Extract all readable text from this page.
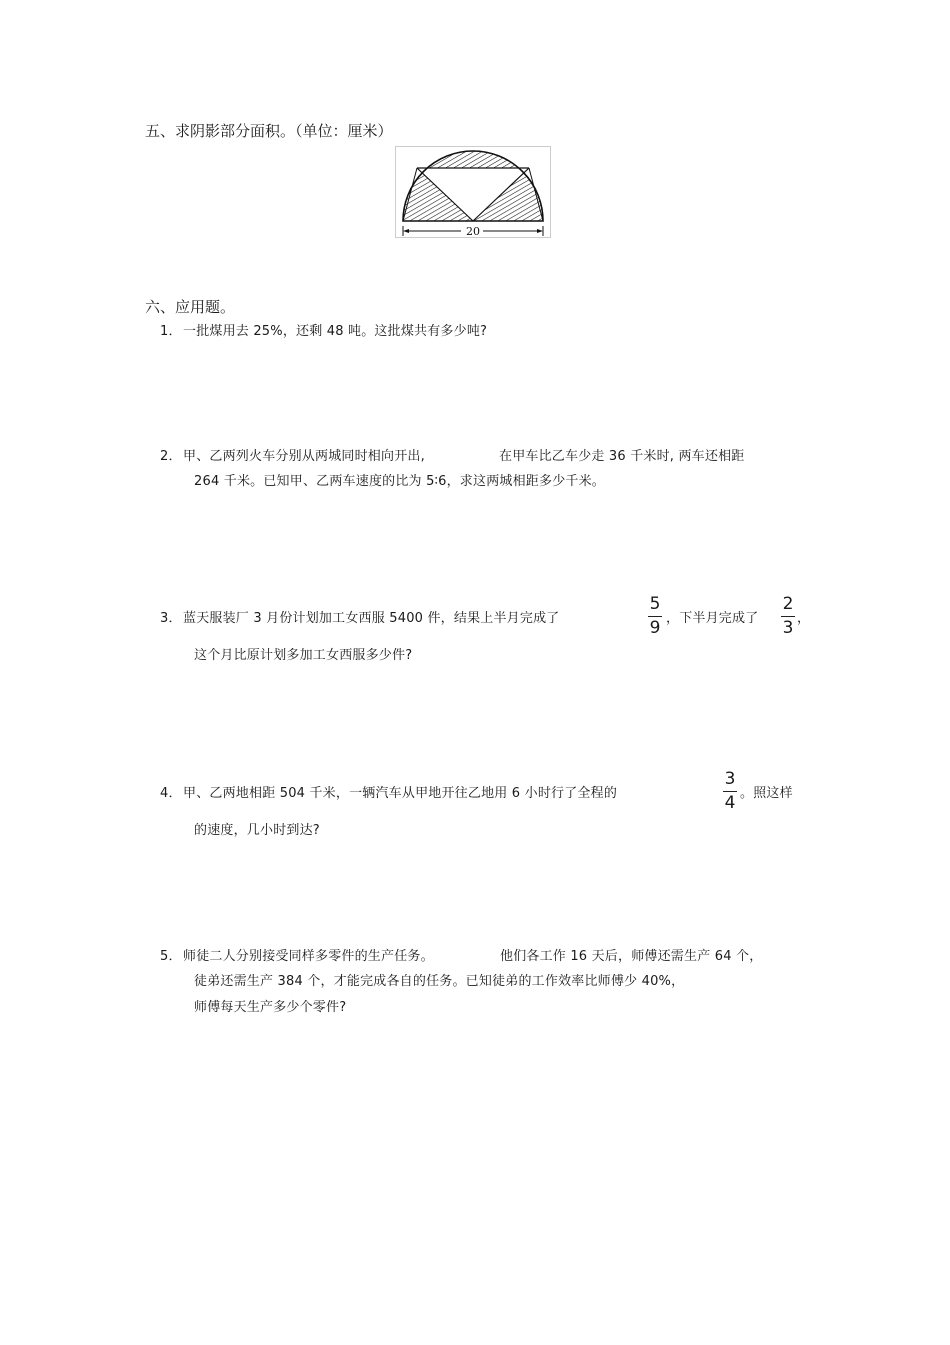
五、求阴影部分面积。（单位：厘米）
20
六、应用题。
1． 一批煤用去 25%，还剩 48 吨。这批煤共有多少吨?
2． 甲、乙两列火车分别从两城同时相向开出,	在甲车比乙车少走 36 千米时, 两车还相距
264 千米。已知甲、乙两车速度的比为 5∶6，求这两城相距多少千米。
3． 蓝天服装厂 3 月份计划加工女西服 5400 件，结果上半月完成了
5
9 ，下半月完成了
2
3 ，
这个月比原计划多加工女西服多少件?
4． 甲、乙两地相距 504 千米，一辆汽车从甲地开往乙地用 6 小时行了全程的
3
4 。照这样
的速度，几小时到达?
5． 师徒二人分别接受同样多零件的生产任务。	他们各工作 16 天后，师傅还需生产 64 个，
徒弟还需生产 384 个，才能完成各自的任务。已知徒弟的工作效率比师傅少 40%，
师傅每天生产多少个零件?
